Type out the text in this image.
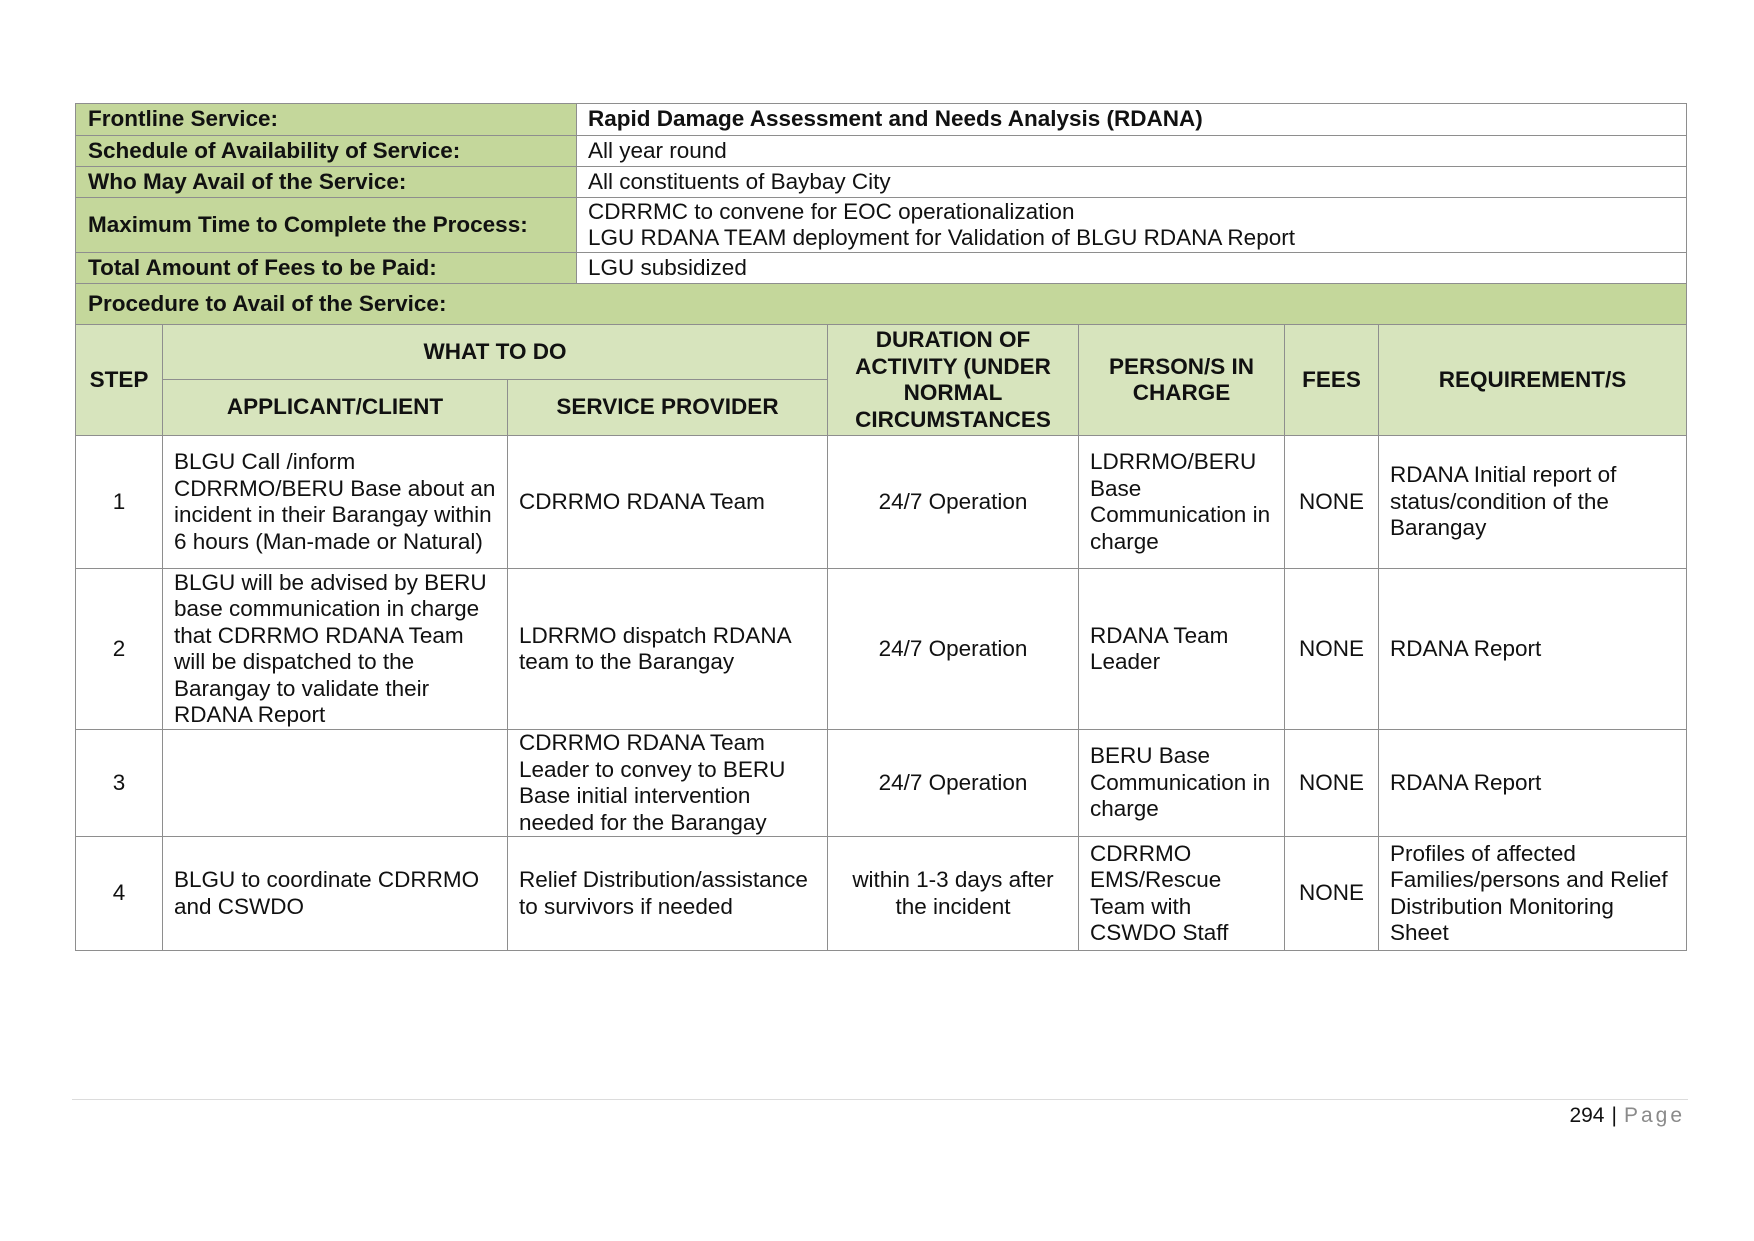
Frontline Service:			Rapid Damage Assessment and Needs Analysis (RDANA)				
Schedule of Availability of Service:			All year round				
Who May Avail of the Service:			All constituents of Baybay City				
Maximum Time to Complete the Process:			CDRRMC to convene for EOC operationalization
LGU RDANA TEAM deployment for Validation of BLGU RDANA Report				

Total Amount of Fees to be Paid:			LGU subsidized				
Procedure to Avail of the Service:							
STEP	WHAT TO DO			DURATION OF ACTIVITY (UNDER NORMAL CIRCUMSTANCES	PERSON/S IN CHARGE	FEES	REQUIREMENT/S
	APPLICANT/CLIENT	SERVICE PROVIDER					
1	BLGU Call /inform CDRRMO/BERU Base about an incident in their Barangay within 6 hours (Man-made or Natural)	CDRRMO RDANA Team		24/7 Operation	LDRRMO/BERU Base Communication in charge	NONE	RDANA Initial report of status/condition of the Barangay
2	BLGU will be advised by BERU base communication in charge that CDRRMO RDANA Team will be dispatched to the Barangay to validate their RDANA Report	LDRRMO dispatch RDANA team to the Barangay		24/7 Operation	RDANA Team Leader	NONE	RDANA Report
3		CDRRMO RDANA Team Leader to convey to BERU Base initial intervention needed for the Barangay		24/7 Operation	BERU Base Communication in charge	NONE	RDANA Report
4	BLGU to coordinate CDRRMO and CSWDO	Relief Distribution/assistance to survivors if needed		within 1-3 days after the incident	CDRRMO EMS/Rescue Team with CSWDO Staff	NONE	Profiles of affected Families/persons and Relief Distribution Monitoring Sheet
294 | Page
